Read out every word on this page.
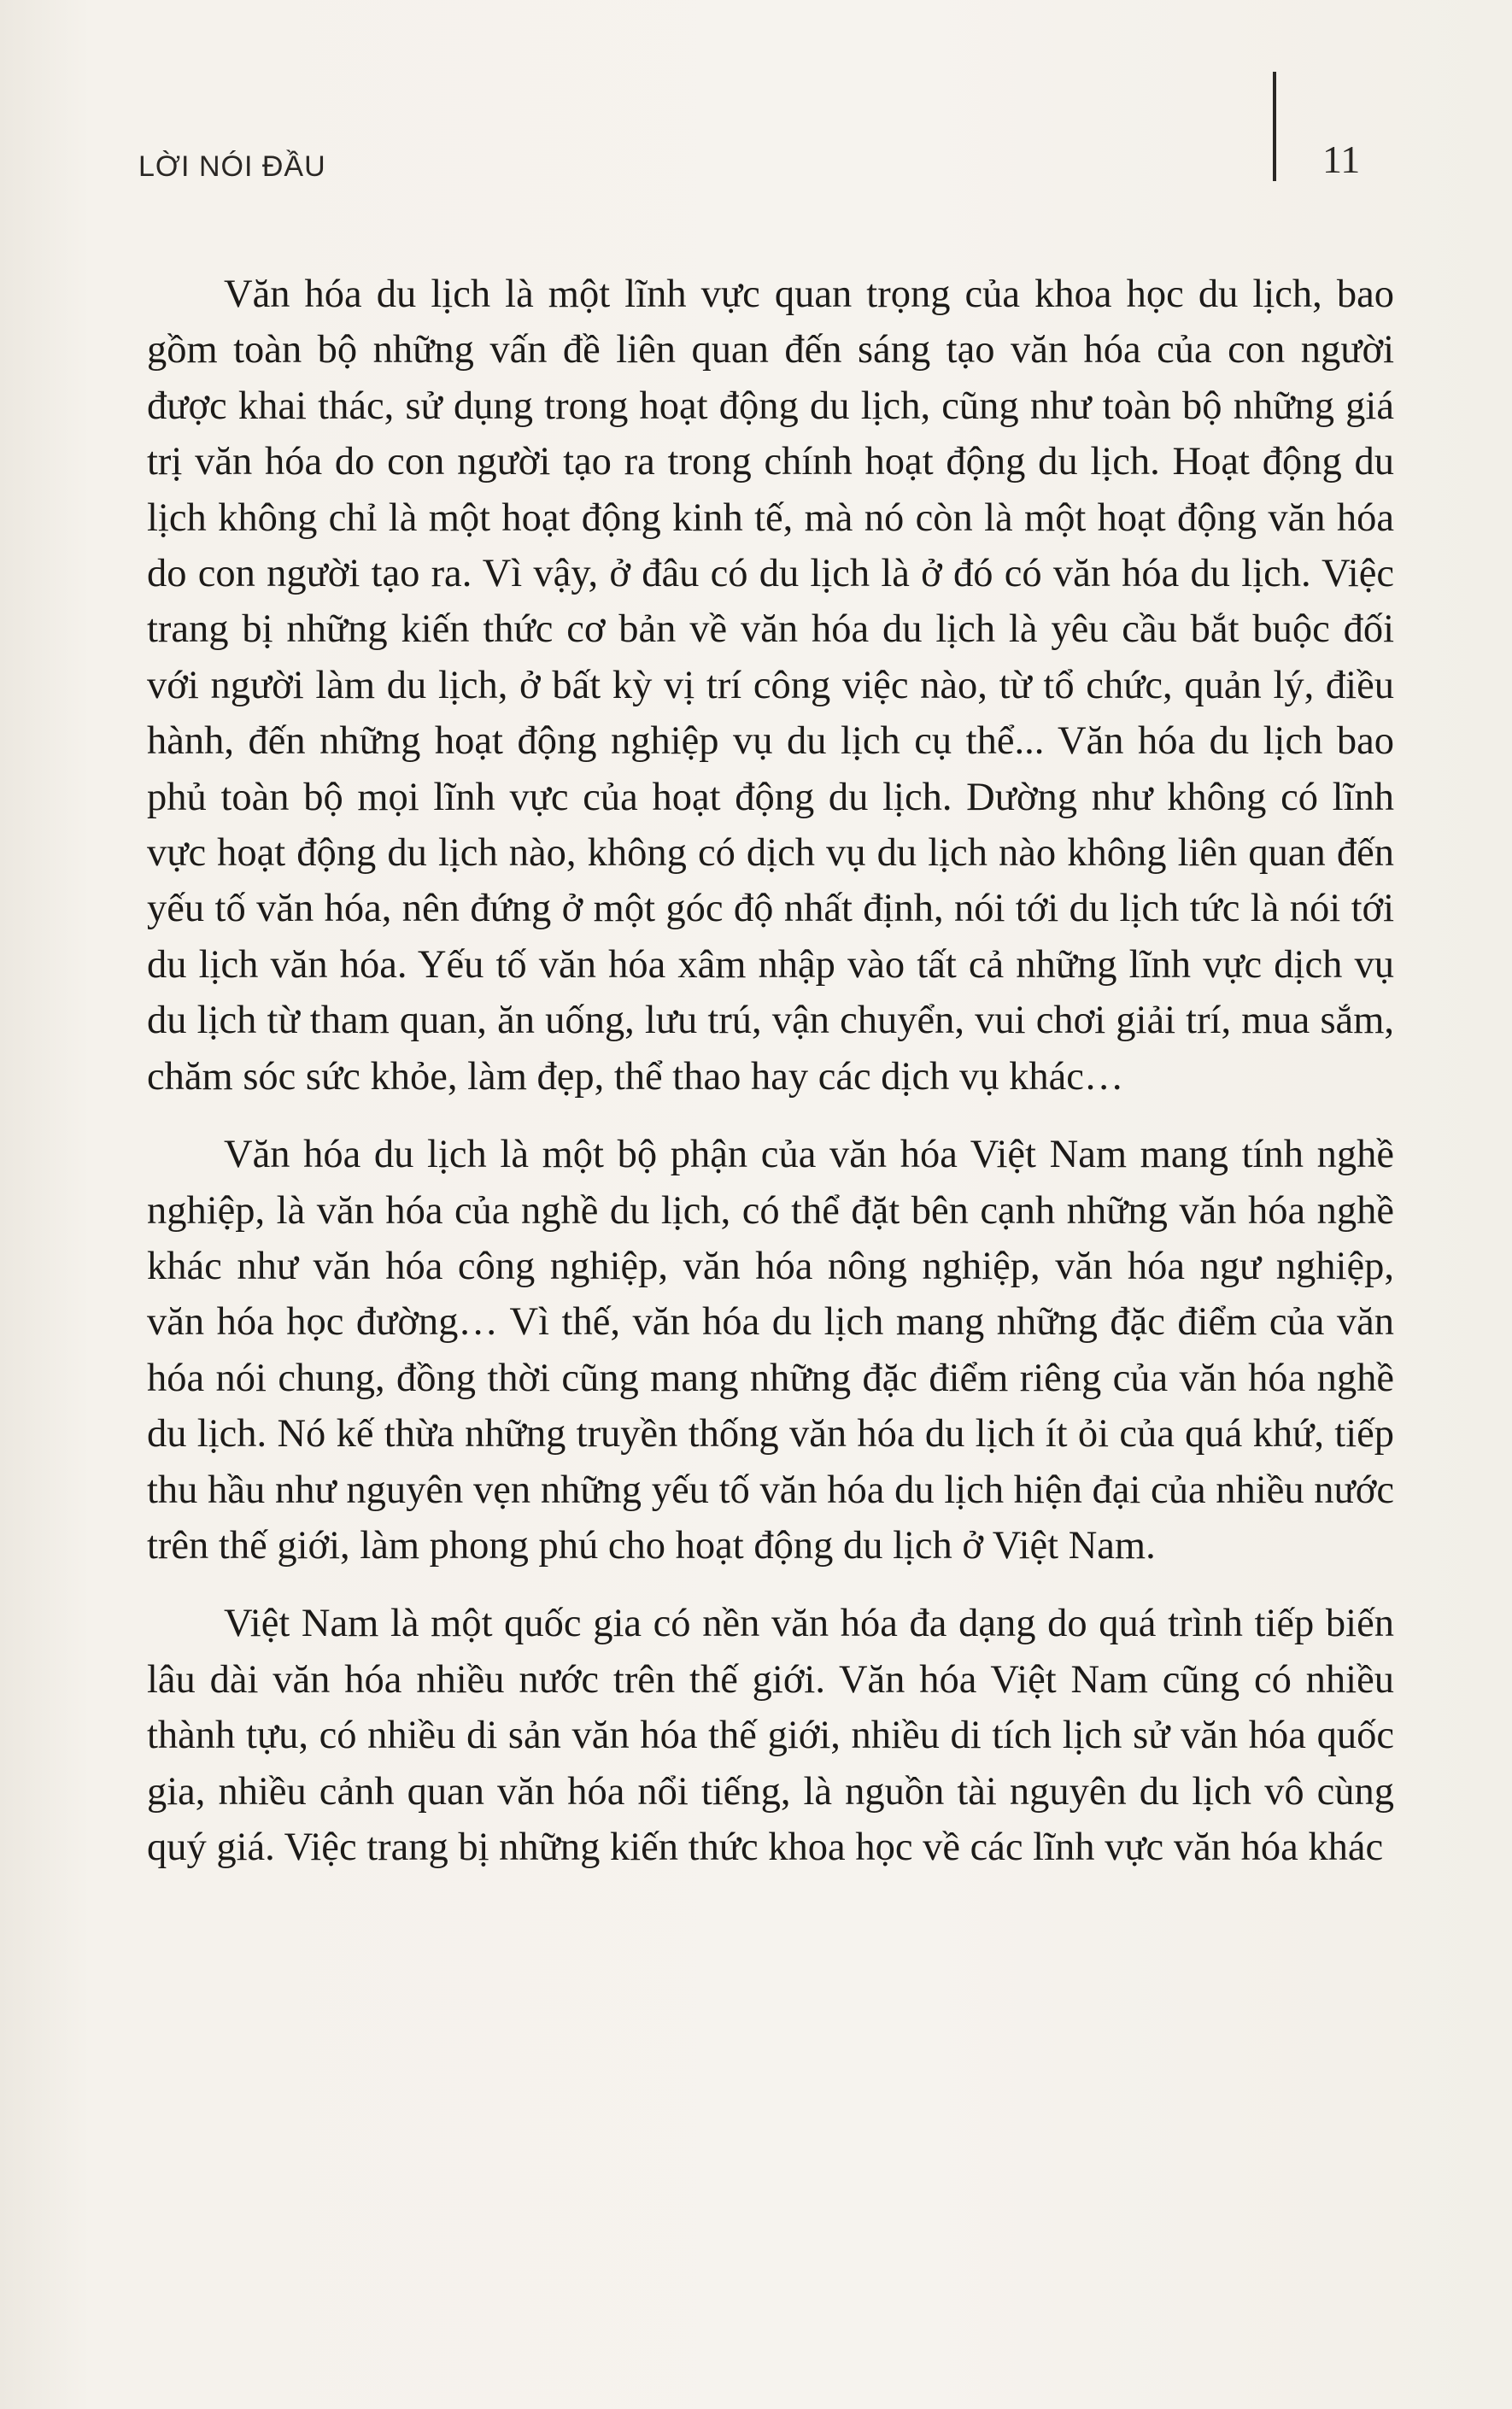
LỜI NÓI ĐẦU	11

Văn hóa du lịch là một lĩnh vực quan trọng của khoa học du lịch, bao gồm toàn bộ những vấn đề liên quan đến sáng tạo văn hóa của con người được khai thác, sử dụng trong hoạt động du lịch, cũng như toàn bộ những giá trị văn hóa do con người tạo ra trong chính hoạt động du lịch. Hoạt động du lịch không chỉ là một hoạt động kinh tế, mà nó còn là một hoạt động văn hóa do con người tạo ra. Vì vậy, ở đâu có du lịch là ở đó có văn hóa du lịch. Việc trang bị những kiến thức cơ bản về văn hóa du lịch là yêu cầu bắt buộc đối với người làm du lịch, ở bất kỳ vị trí công việc nào, từ tổ chức, quản lý, điều hành, đến những hoạt động nghiệp vụ du lịch cụ thể... Văn hóa du lịch bao phủ toàn bộ mọi lĩnh vực của hoạt động du lịch. Dường như không có lĩnh vực hoạt động du lịch nào, không có dịch vụ du lịch nào không liên quan đến yếu tố văn hóa, nên đứng ở một góc độ nhất định, nói tới du lịch tức là nói tới du lịch văn hóa. Yếu tố văn hóa xâm nhập vào tất cả những lĩnh vực dịch vụ du lịch từ tham quan, ăn uống, lưu trú, vận chuyển, vui chơi giải trí, mua sắm, chăm sóc sức khỏe, làm đẹp, thể thao hay các dịch vụ khác…

Văn hóa du lịch là một bộ phận của văn hóa Việt Nam mang tính nghề nghiệp, là văn hóa của nghề du lịch, có thể đặt bên cạnh những văn hóa nghề khác như văn hóa công nghiệp, văn hóa nông nghiệp, văn hóa ngư nghiệp, văn hóa học đường… Vì thế, văn hóa du lịch mang những đặc điểm của văn hóa nói chung, đồng thời cũng mang những đặc điểm riêng của văn hóa nghề du lịch. Nó kế thừa những truyền thống văn hóa du lịch ít ỏi của quá khứ, tiếp thu hầu như nguyên vẹn những yếu tố văn hóa du lịch hiện đại của nhiều nước trên thế giới, làm phong phú cho hoạt động du lịch ở Việt Nam.

Việt Nam là một quốc gia có nền văn hóa đa dạng do quá trình tiếp biến lâu dài văn hóa nhiều nước trên thế giới. Văn hóa Việt Nam cũng có nhiều thành tựu, có nhiều di sản văn hóa thế giới, nhiều di tích lịch sử văn hóa quốc gia, nhiều cảnh quan văn hóa nổi tiếng, là nguồn tài nguyên du lịch vô cùng quý giá. Việc trang bị những kiến thức khoa học về các lĩnh vực văn hóa khác
